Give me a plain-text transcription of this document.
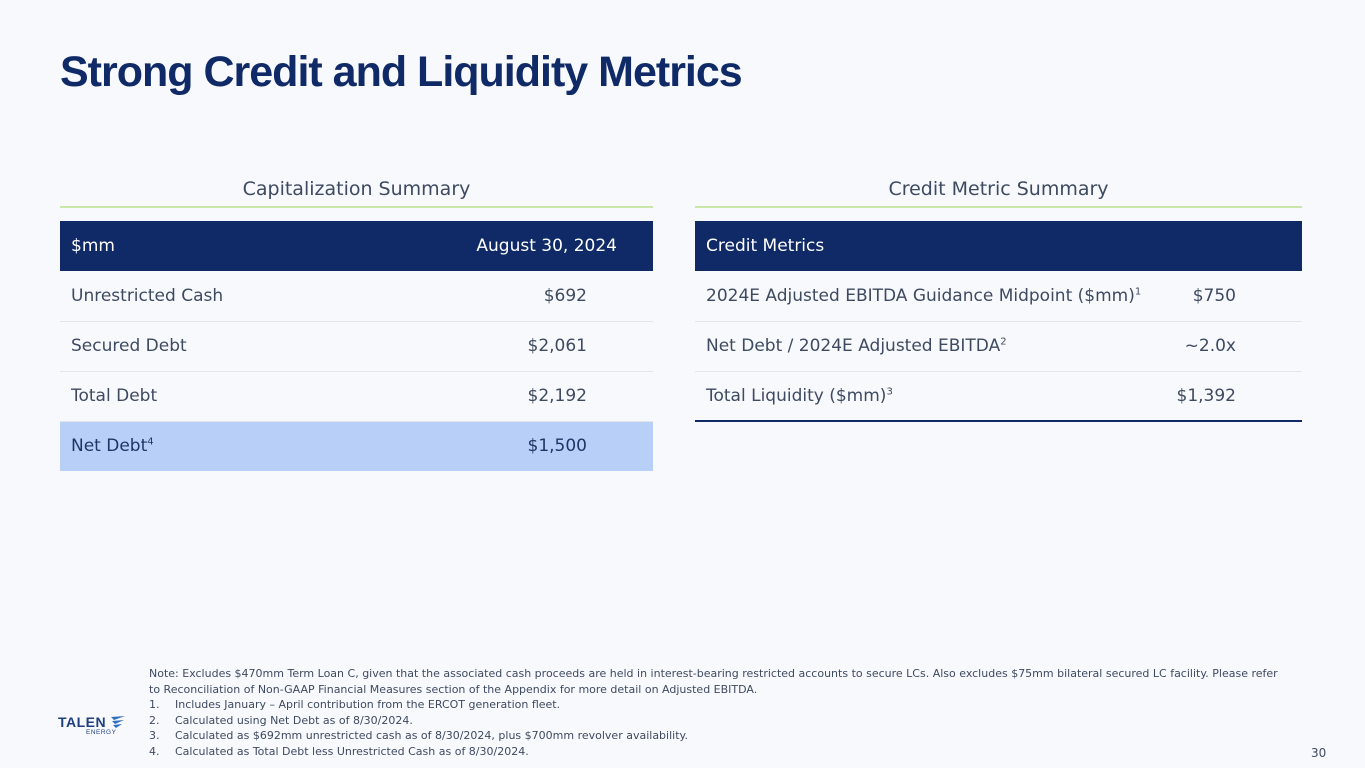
Strong Credit and Liquidity Metrics
Capitalization Summary
$mm	August 30, 2024
Unrestricted Cash	$692
Secured Debt	$2,061
Total Debt	$2,192
Net Debt$^4$	$1,500
Credit Metric Summary
Credit Metrics	
2024E Adjusted EBITDA Guidance Midpoint ($mm)$^1$	$750
Net Debt / 2024E Adjusted EBITDA$^2$	~2.0x
Total Liquidity ($mm)$^3$	$1,392

Note: Excludes $470mm Term Loan C, given that the associated cash proceeds are held in interest-bearing restricted accounts to secure LCs. Also excludes $75mm bilateral secured LC facility. Please refer to Reconciliation of Non-GAAP Financial Measures section of the Appendix for more detail on Adjusted EBITDA.

1.	Includes January – April contribution from the ERCOT generation fleet.
2.	Calculated using Net Debt as of 8/30/2024.
3.	Calculated as $692mm unrestricted cash as of 8/30/2024, plus $700mm revolver availability.
4.	Calculated as Total Debt less Unrestricted Cash as of 8/30/2024.
TALEN
ENERGY
30
